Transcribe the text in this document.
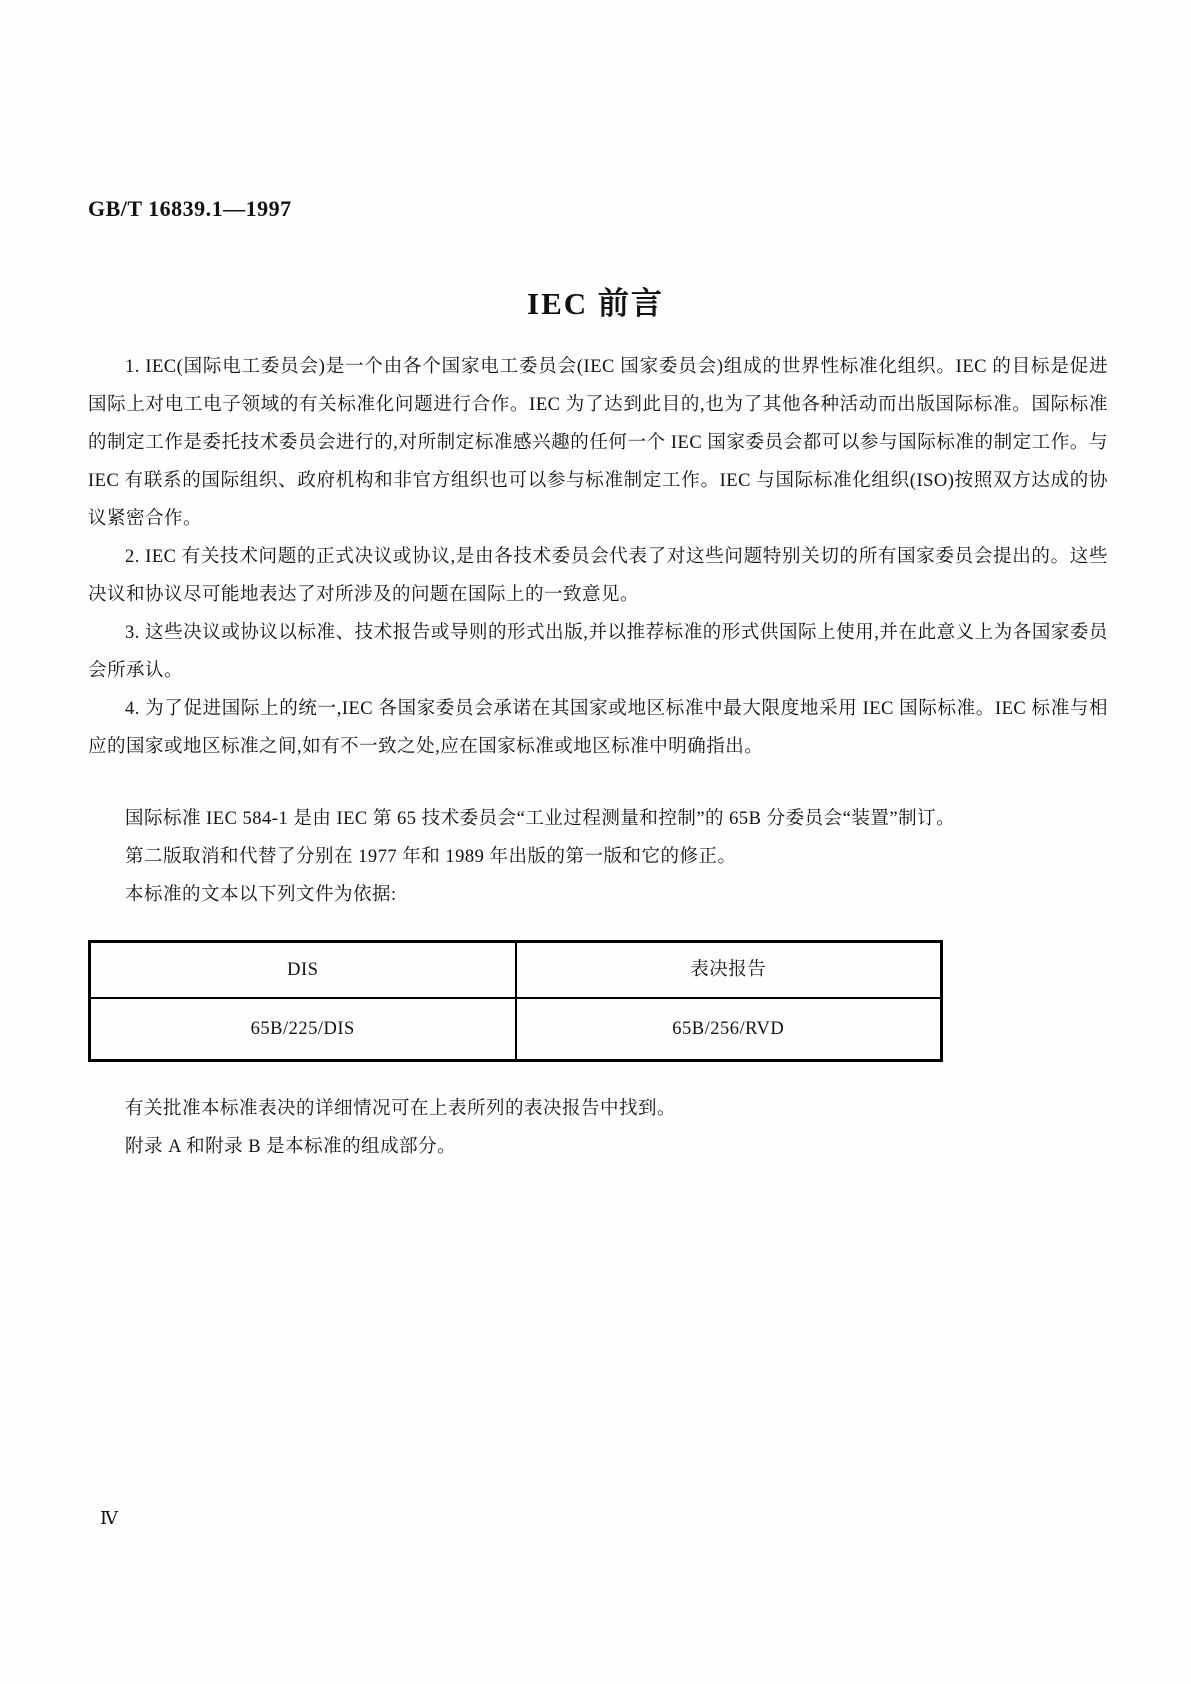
GB/T 16839.1—1997
IEC 前言

1. IEC(国际电工委员会)是一个由各个国家电工委员会(IEC 国家委员会)组成的世界性标准化组织。IEC 的目标是促进国际上对电工电子领域的有关标准化问题进行合作。IEC 为了达到此目的,也为了其他各种活动而出版国际标准。国际标准的制定工作是委托技术委员会进行的,对所制定标准感兴趣的任何一个 IEC 国家委员会都可以参与国际标准的制定工作。与 IEC 有联系的国际组织、政府机构和非官方组织也可以参与标准制定工作。IEC 与国际标准化组织(ISO)按照双方达成的协议紧密合作。

2. IEC 有关技术问题的正式决议或协议,是由各技术委员会代表了对这些问题特别关切的所有国家委员会提出的。这些决议和协议尽可能地表达了对所涉及的问题在国际上的一致意见。

3. 这些决议或协议以标准、技术报告或导则的形式出版,并以推荐标准的形式供国际上使用,并在此意义上为各国家委员会所承认。

4. 为了促进国际上的统一,IEC 各国家委员会承诺在其国家或地区标准中最大限度地采用 IEC 国际标准。IEC 标准与相应的国家或地区标准之间,如有不一致之处,应在国家标准或地区标准中明确指出。

国际标准 IEC 584-1 是由 IEC 第 65 技术委员会“工业过程测量和控制”的 65B 分委员会“装置”制订。

第二版取消和代替了分别在 1977 年和 1989 年出版的第一版和它的修正。

本标准的文本以下列文件为依据:

DIS	表决报告
65B/225/DIS	65B/256/RVD

有关批准本标准表决的详细情况可在上表所列的表决报告中找到。

附录 A 和附录 B 是本标准的组成部分。

Ⅳ
